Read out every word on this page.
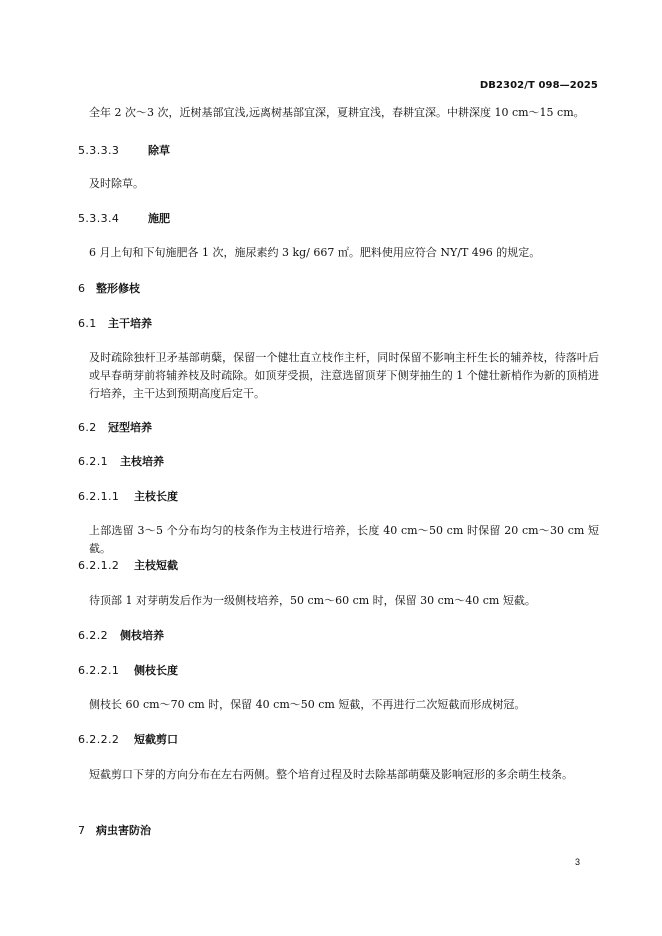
DB2302/T 098—2025
全年 2 次～3 次，近树基部宜浅,远离树基部宜深，夏耕宜浅，春耕宜深。中耕深度 10 cm～15 cm。
5.3.3.3	除草
及时除草。
5.3.3.4	施肥
6 月上旬和下旬施肥各 1 次，施尿素约 3 kg/ 667 ㎡。肥料使用应符合 NY/T 496 的规定。
6 整形修枝
6.1 主干培养
及时疏除独杆卫矛基部萌蘖，保留一个健壮直立枝作主杆，同时保留不影响主杆生长的辅养枝，待落叶后或早春萌芽前将辅养枝及时疏除。如顶芽受损，注意选留顶芽下侧芽抽生的 1 个健壮新梢作为新的顶梢进行培养，主干达到预期高度后定干。
6.2 冠型培养
6.2.1 主枝培养
6.2.1.1 主枝长度
上部选留 3～5 个分布均匀的枝条作为主枝进行培养，长度 40 cm～50 cm 时保留 20 cm～30 cm 短截。
6.2.1.2 主枝短截
待顶部 1 对芽萌发后作为一级侧枝培养，50 cm～60 cm 时，保留 30 cm～40 cm 短截。
6.2.2 侧枝培养
6.2.2.1 侧枝长度
侧枝长 60 cm～70 cm 时，保留 40 cm～50 cm 短截，不再进行二次短截而形成树冠。
6.2.2.2 短截剪口
短截剪口下芽的方向分布在左右两侧。整个培育过程及时去除基部萌蘖及影响冠形的多余萌生枝条。
7 病虫害防治
3
